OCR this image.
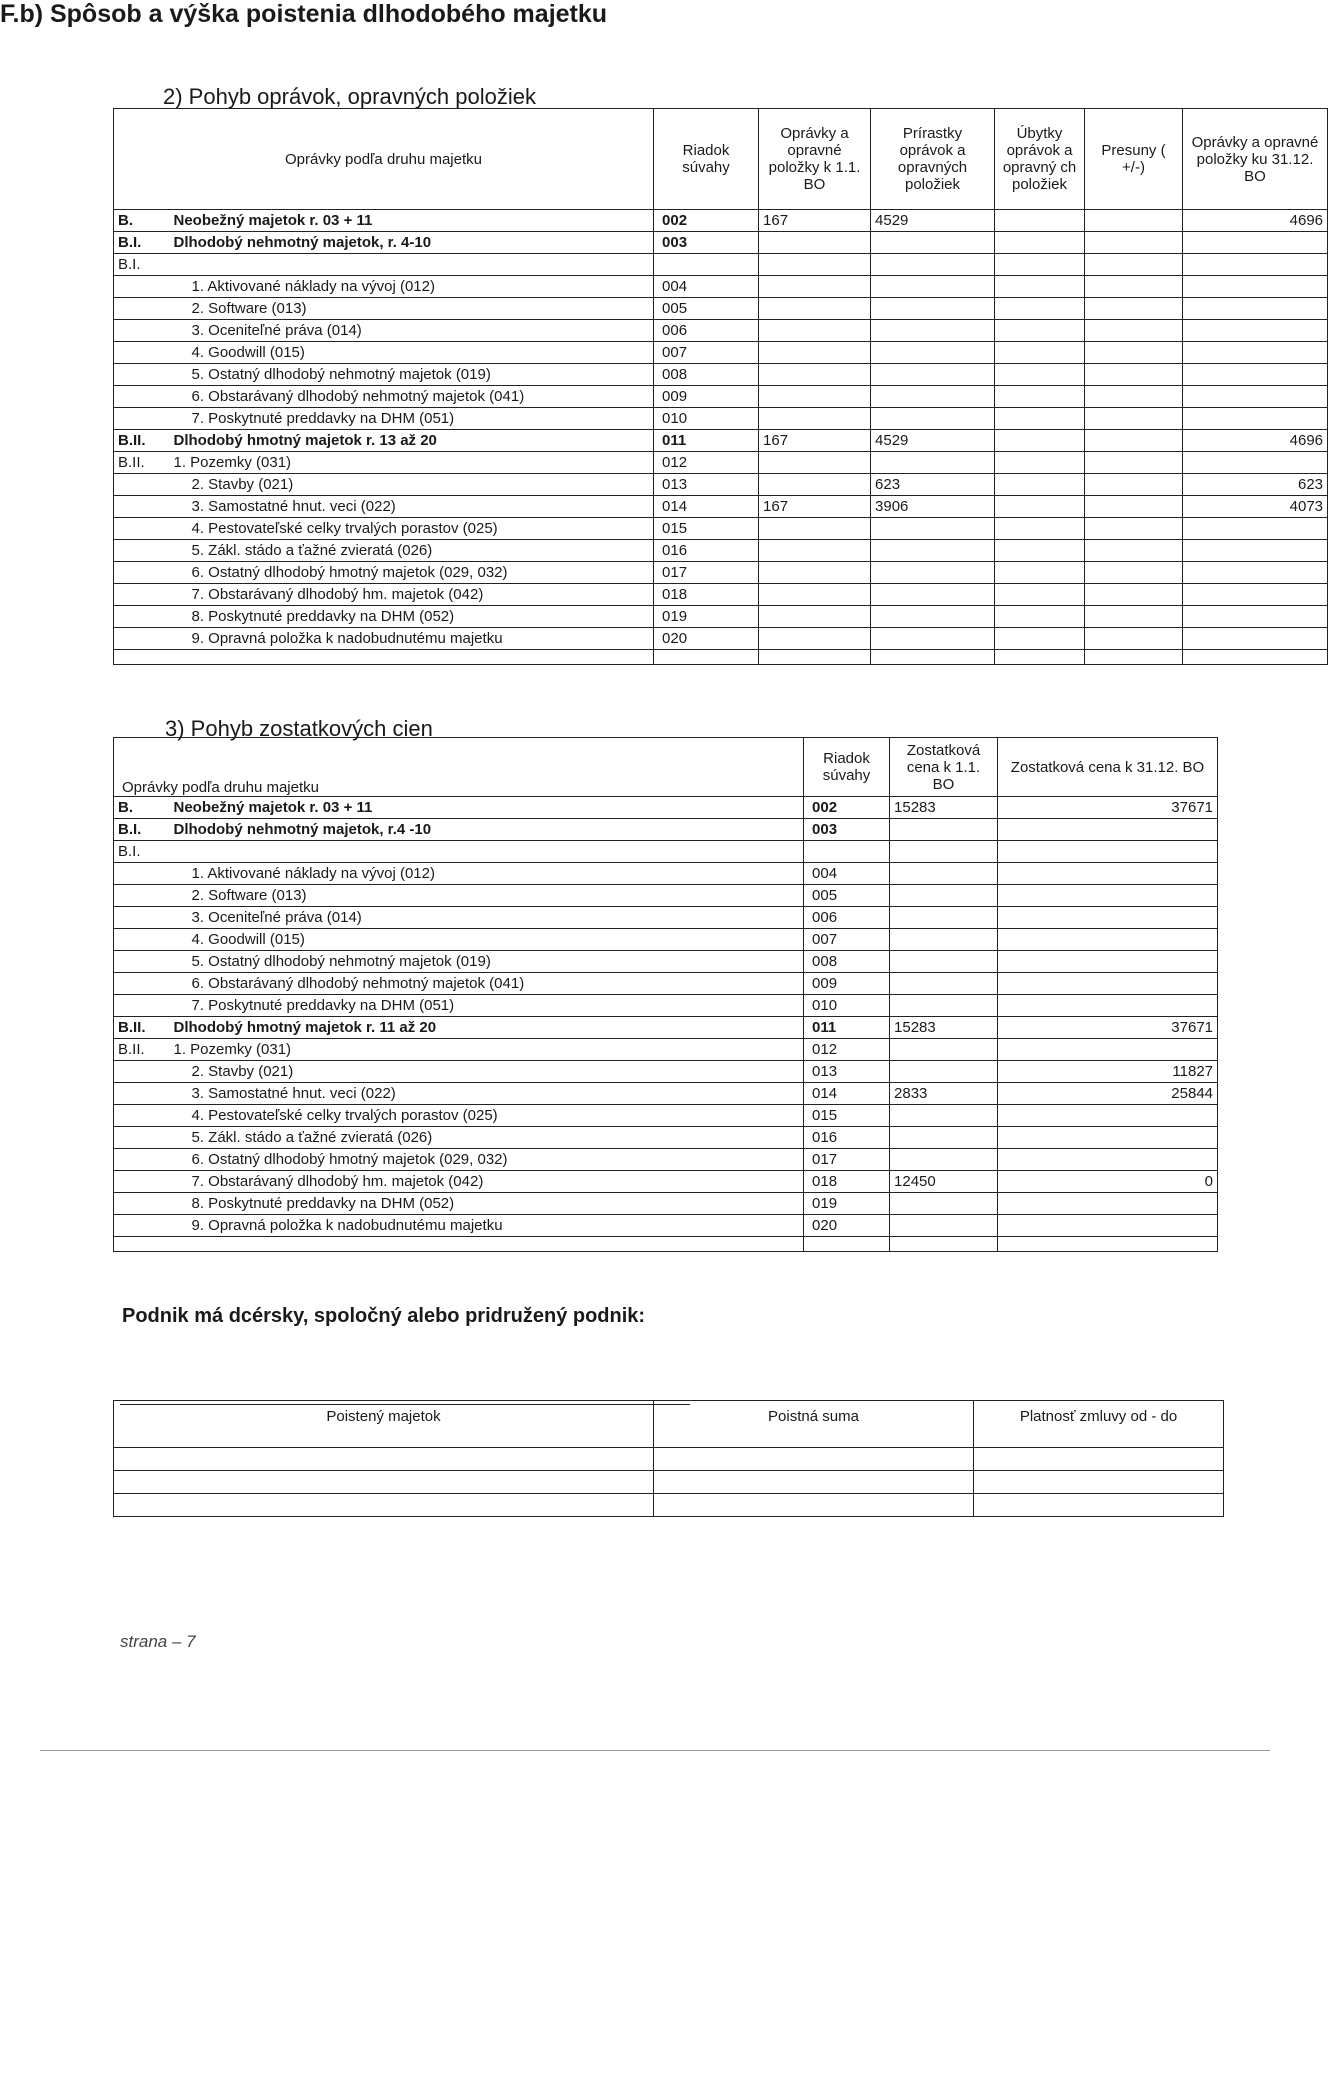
2) Pohyb oprávok, opravných položiek
Oprávky podľa druhu majetku		Riadok súvahy	Oprávky a opravné položky k 1.1. BO	Prírastky oprávok a opravných položiek	Úbytky oprávok a opravný ch položiek	Presuny ( +/-)	Oprávky a opravné položky ku 31.12. BO
B.	Neobežný majetok r. 03 + 11	002	167	4529			4696
B.I.	Dlhodobý nehmotný majetok, r. 4-10	003					
B.I.							
	1. Aktivované náklady na vývoj (012)	004					
	2. Software (013)	005					
	3. Oceniteľné práva (014)	006					
	4. Goodwill (015)	007					
	5. Ostatný dlhodobý nehmotný majetok (019)	008					
	6. Obstarávaný dlhodobý nehmotný majetok (041)	009					
	7. Poskytnuté preddavky na DHM (051)	010					
B.II.	Dlhodobý hmotný majetok r. 13 až 20	011	167	4529			4696
B.II.	1. Pozemky (031)	012					
	2. Stavby (021)	013		623			623
	3. Samostatné hnut. veci (022)	014	167	3906			4073
	4. Pestovateľské celky trvalých porastov (025)	015					
	5. Zákl. stádo a ťažné zvieratá (026)	016					
	6. Ostatný dlhodobý hmotný majetok (029, 032)	017					
	7. Obstarávaný dlhodobý hm. majetok (042)	018					
	8. Poskytnuté preddavky na DHM (052)	019					
	9. Opravná položka k nadobudnutému majetku	020					

3) Pohyb zostatkových cien
Oprávky podľa druhu majetku		Riadok súvahy	Zostatková cena k 1.1. BO	Zostatková cena k 31.12. BO
B.	Neobežný majetok r. 03 + 11	002	15283	37671
B.I.	Dlhodobý nehmotný majetok, r.4 -10	003		
B.I.				
	1. Aktivované náklady na vývoj (012)	004		
	2. Software (013)	005		
	3. Oceniteľné práva (014)	006		
	4. Goodwill (015)	007		
	5. Ostatný dlhodobý nehmotný majetok (019)	008		
	6. Obstarávaný dlhodobý nehmotný majetok (041)	009		
	7. Poskytnuté preddavky na DHM (051)	010		
B.II.	Dlhodobý hmotný majetok r. 11 až 20	011	15283	37671
B.II.	1. Pozemky (031)	012		
	2. Stavby (021)	013		11827
	3. Samostatné hnut. veci (022)	014	2833	25844
	4. Pestovateľské celky trvalých porastov (025)	015		
	5. Zákl. stádo a ťažné zvieratá (026)	016		
	6. Ostatný dlhodobý hmotný majetok (029, 032)	017		
	7. Obstarávaný dlhodobý hm. majetok (042)	018	12450	0
	8. Poskytnuté preddavky na DHM (052)	019		
	9. Opravná položka k nadobudnutému majetku	020		

Podnik má dcérsky, spoločný alebo pridružený podnik:
F.b) Spôsob a výška poistenia dlhodobého majetku
Poistený majetok	Poistná suma	Platnosť zmluvy od - do

strana – 7
